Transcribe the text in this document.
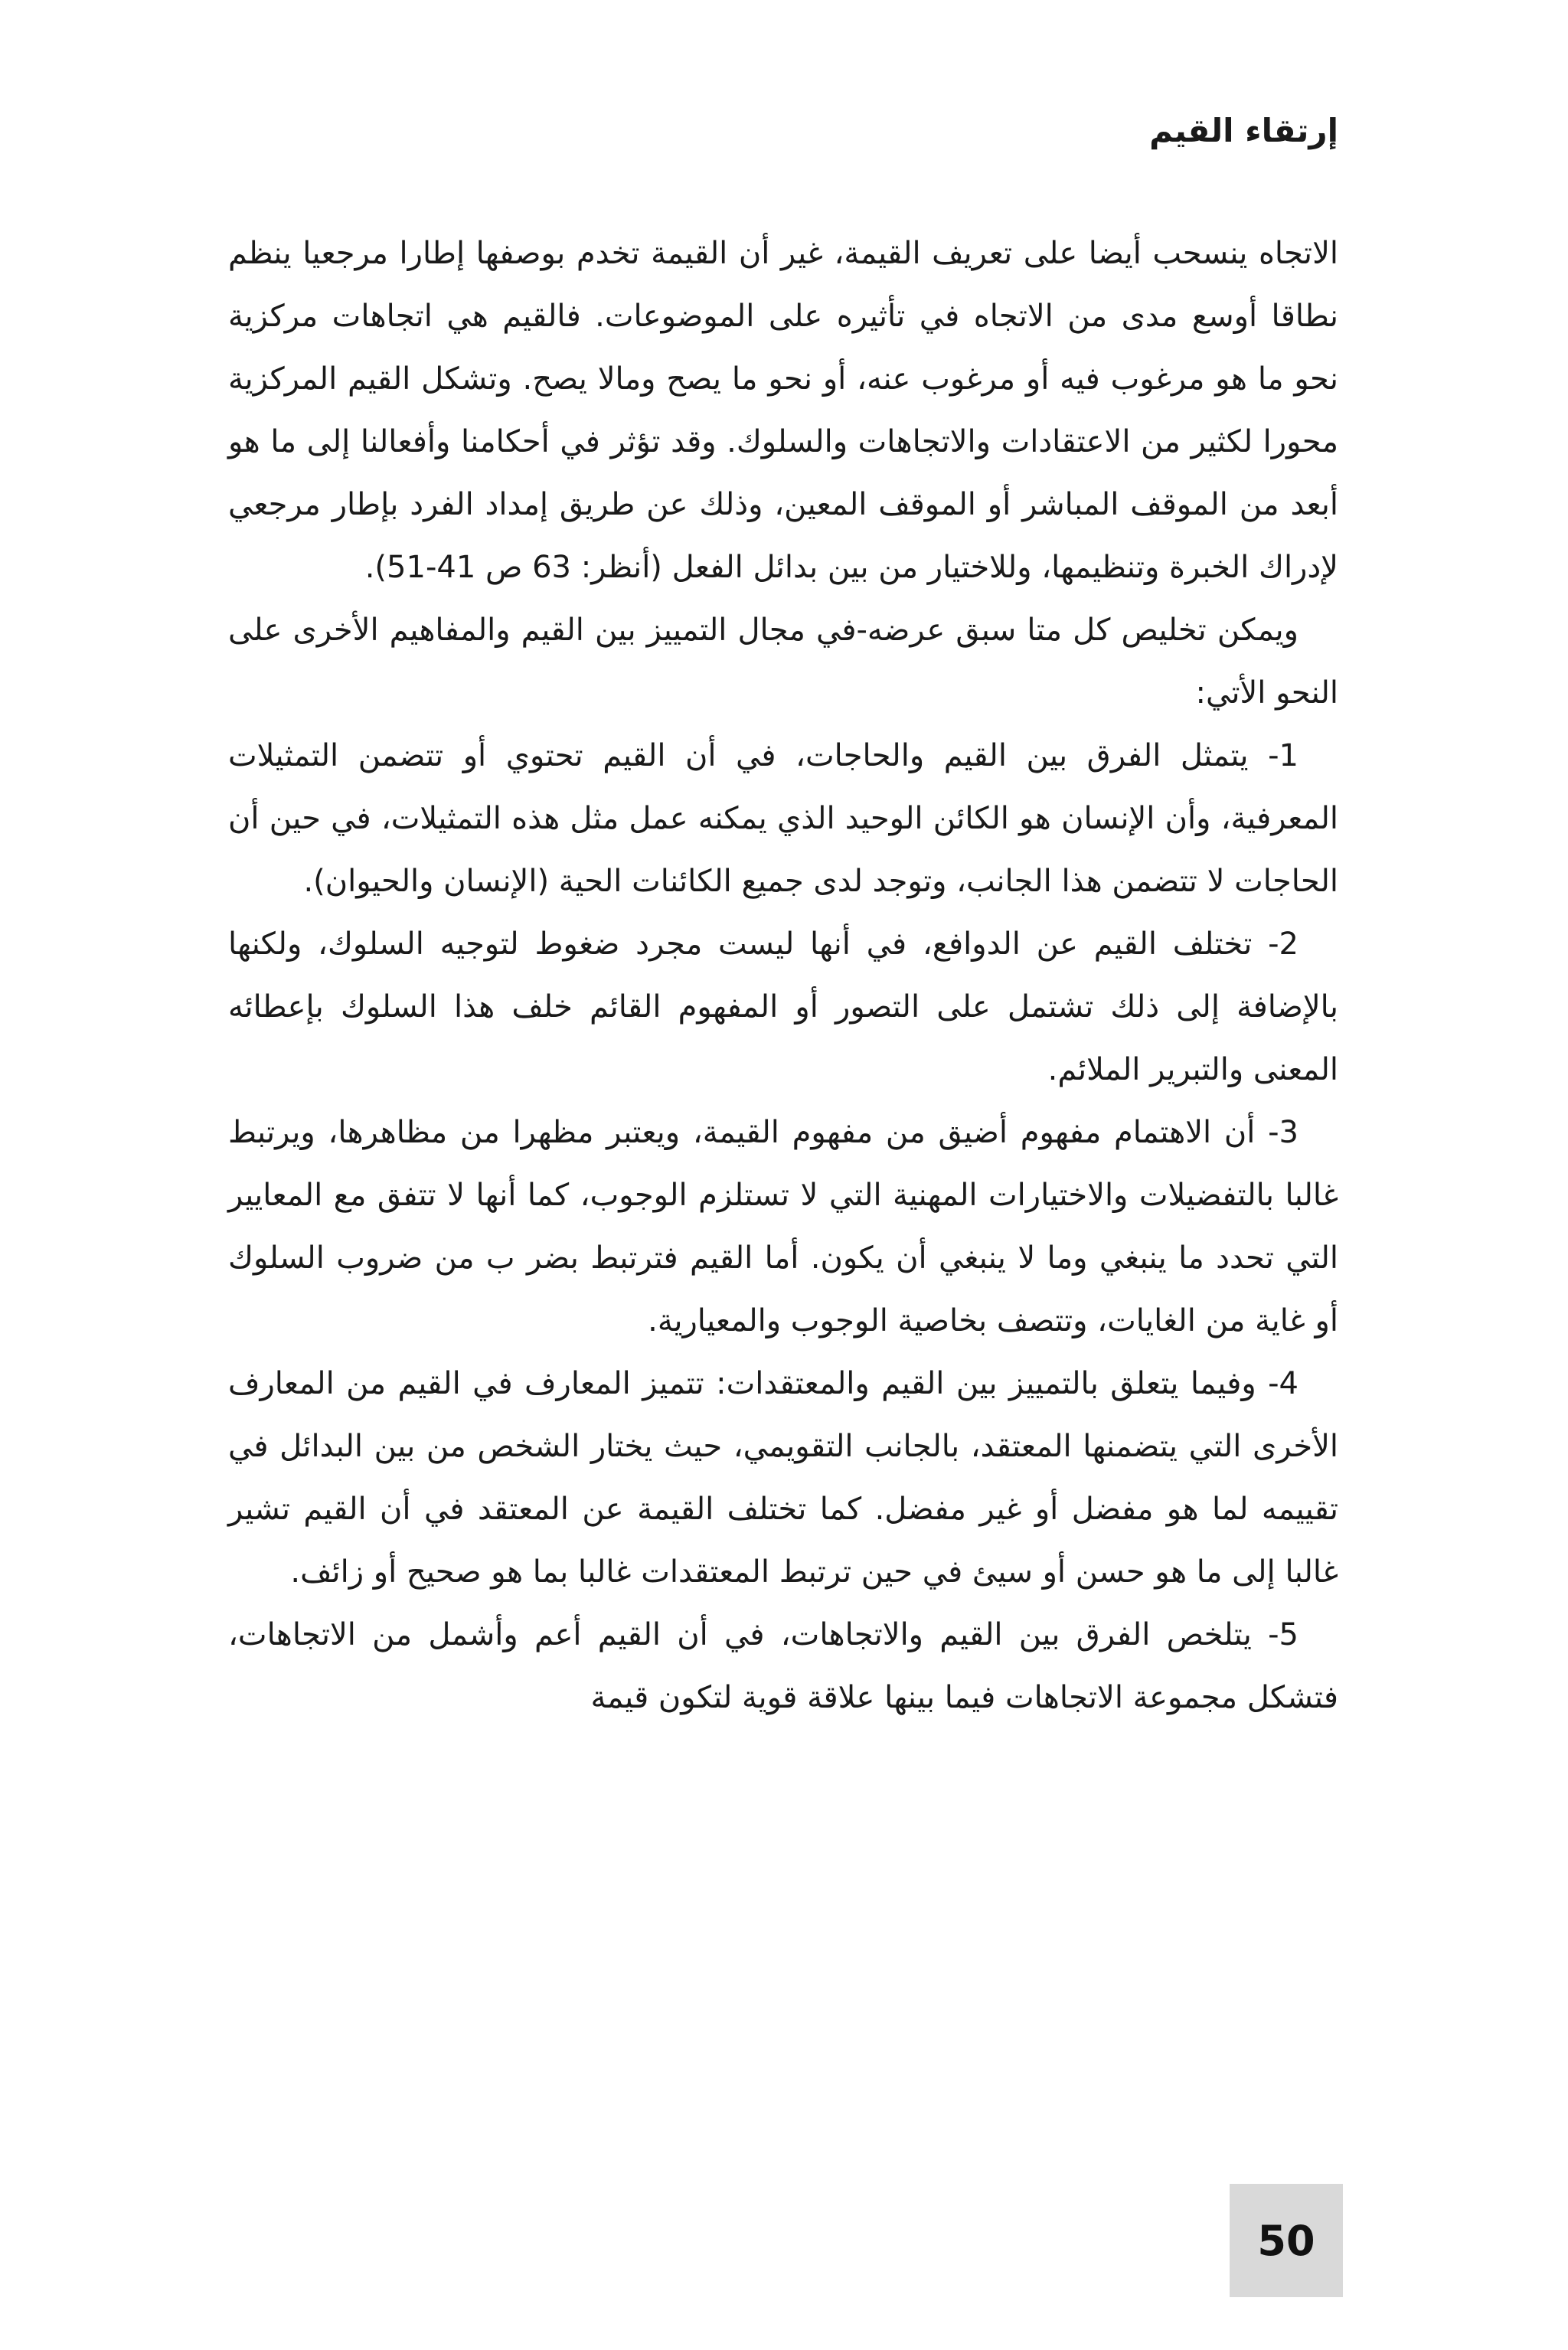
إرتقاء القيم

الاتجاه ينسحب أيضا على تعريف القيمة، غير أن القيمة تخدم بوصفها إطارا مرجعيا ينظم نطاقا أوسع مدى من الاتجاه في تأثيره على الموضوعات. فالقيم هي اتجاهات مركزية نحو ما هو مرغوب فيه أو مرغوب عنه، أو نحو ما يصح ومالا يصح. وتشكل القيم المركزية محورا لكثير من الاعتقادات والاتجاهات والسلوك. وقد تؤثر في أحكامنا وأفعالنا إلى ما هو أبعد من الموقف المباشر أو الموقف المعين، وذلك عن طريق إمداد الفرد بإطار مرجعي لإدراك الخبرة وتنظيمها، وللاختيار من بين بدائل الفعل (أنظر: 63 ص 41-51).

ويمكن تخليص كل متا سبق عرضه-في مجال التمييز بين القيم والمفاهيم الأخرى على النحو الأتي:

1- يتمثل الفرق بين القيم والحاجات، في أن القيم تحتوي أو تتضمن التمثيلات المعرفية، وأن الإنسان هو الكائن الوحيد الذي يمكنه عمل مثل هذه التمثيلات، في حين أن الحاجات لا تتضمن هذا الجانب، وتوجد لدى جميع الكائنات الحية (الإنسان والحيوان).

2- تختلف القيم عن الدوافع، في أنها ليست مجرد ضغوط لتوجيه السلوك، ولكنها بالإضافة إلى ذلك تشتمل على التصور أو المفهوم القائم خلف هذا السلوك بإعطائه المعنى والتبرير الملائم.

3- أن الاهتمام مفهوم أضيق من مفهوم القيمة، ويعتبر مظهرا من مظاهرها، ويرتبط غالبا بالتفضيلات والاختيارات المهنية التي لا تستلزم الوجوب، كما أنها لا تتفق مع المعايير التي تحدد ما ينبغي وما لا ينبغي أن يكون. أما القيم فترتبط بضر ب من ضروب السلوك أو غاية من الغايات، وتتصف بخاصية الوجوب والمعيارية.

4- وفيما يتعلق بالتمييز بين القيم والمعتقدات: تتميز المعارف في القيم من المعارف الأخرى التي يتضمنها المعتقد، بالجانب التقويمي، حيث يختار الشخص من بين البدائل في تقييمه لما هو مفضل أو غير مفضل. كما تختلف القيمة عن المعتقد في أن القيم تشير غالبا إلى ما هو حسن أو سيئ في حين ترتبط المعتقدات غالبا بما هو صحيح أو زائف.

5- يتلخص الفرق بين القيم والاتجاهات، في أن القيم أعم وأشمل من الاتجاهات، فتشكل مجموعة الاتجاهات فيما بينها علاقة قوية لتكون قيمة

50
